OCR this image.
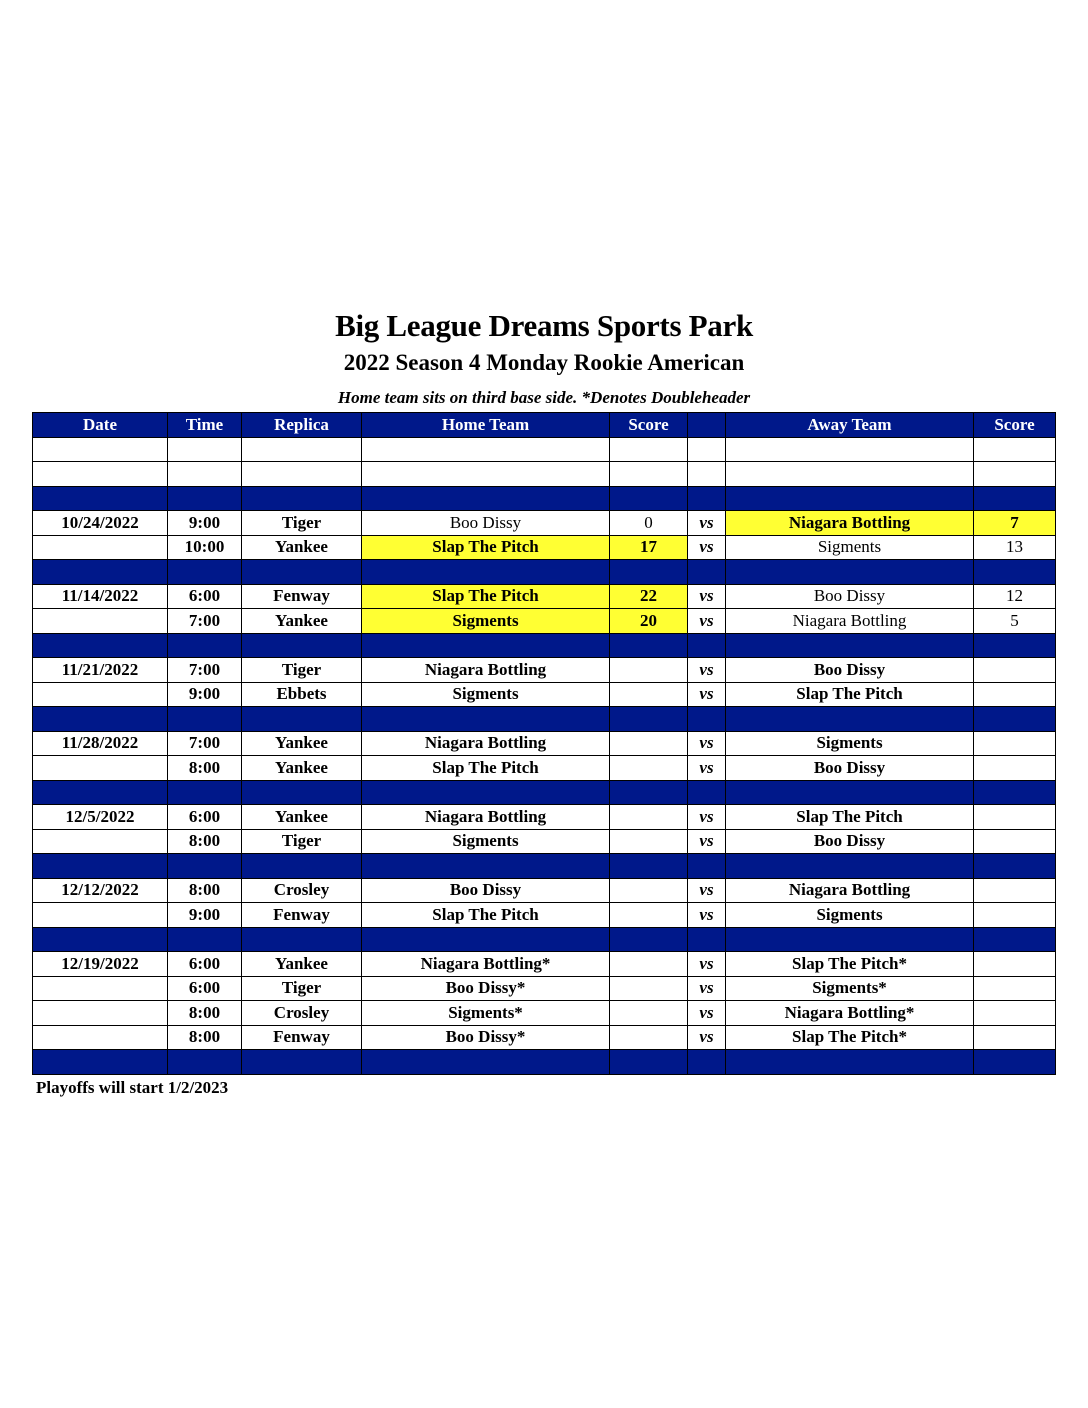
Big League Dreams Sports Park
2022 Season 4 Monday Rookie American
Home team sits on third base side. *Denotes Doubleheader
Date	Time	Replica	Home Team	Score		Away Team	Score

10/24/2022	9:00	Tiger	Boo Dissy	0	vs	Niagara Bottling	7
	10:00	Yankee	Slap The Pitch	17	vs	Sigments	13

11/14/2022	6:00	Fenway	Slap The Pitch	22	vs	Boo Dissy	12
	7:00	Yankee	Sigments	20	vs	Niagara Bottling	5

11/21/2022	7:00	Tiger	Niagara Bottling		vs	Boo Dissy	
	9:00	Ebbets	Sigments		vs	Slap The Pitch	

11/28/2022	7:00	Yankee	Niagara Bottling		vs	Sigments	
	8:00	Yankee	Slap The Pitch		vs	Boo Dissy	

12/5/2022	6:00	Yankee	Niagara Bottling		vs	Slap The Pitch	
	8:00	Tiger	Sigments		vs	Boo Dissy	

12/12/2022	8:00	Crosley	Boo Dissy		vs	Niagara Bottling	
	9:00	Fenway	Slap The Pitch		vs	Sigments	

12/19/2022	6:00	Yankee	Niagara Bottling*		vs	Slap The Pitch*	
	6:00	Tiger	Boo Dissy*		vs	Sigments*	
	8:00	Crosley	Sigments*		vs	Niagara Bottling*	
	8:00	Fenway	Boo Dissy*		vs	Slap The Pitch*	

Playoffs will start 1/2/2023
